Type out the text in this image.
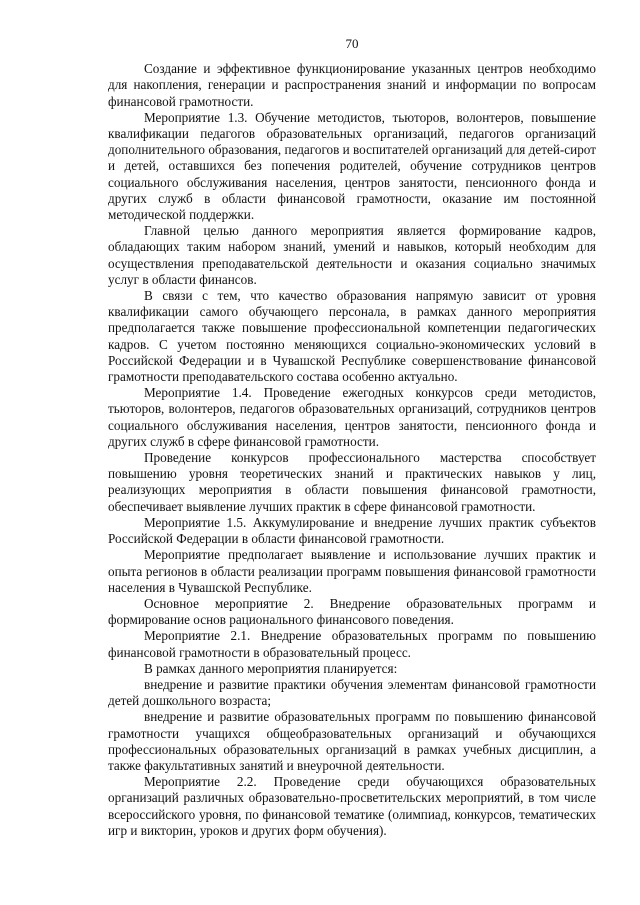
70

Создание и эффективное функционирование указанных центров необходимо для накопления, генерации и распространения знаний и информации по вопросам финансовой грамотности.

Мероприятие 1.3. Обучение методистов, тьюторов, волонтеров, повышение квалификации педагогов образовательных организаций, педагогов организаций дополнительного образования, педагогов и воспитателей организаций для детей-сирот и детей, оставшихся без попечения родителей, обучение сотрудников центров социального обслуживания населения, центров занятости, пенсионного фонда и других служб в области финансовой грамотности, оказание им постоянной методической поддержки.

Главной целью данного мероприятия является формирование кадров, обладающих таким набором знаний, умений и навыков, который необходим для осуществления преподавательской деятельности и оказания социально значимых услуг в области финансов.

В связи с тем, что качество образования напрямую зависит от уровня квалификации самого обучающего персонала, в рамках данного мероприятия предполагается также повышение профессиональной компетенции педагогических кадров. С учетом постоянно меняющихся социально-экономических условий в Российской Федерации и в Чувашской Республике совершенствование финансовой грамотности преподавательского состава особенно актуально.

Мероприятие 1.4. Проведение ежегодных конкурсов среди методистов, тьюторов, волонтеров, педагогов образовательных организаций, сотрудников центров социального обслуживания населения, центров занятости, пенсионного фонда и других служб в сфере финансовой грамотности.

Проведение конкурсов профессионального мастерства способствует повышению уровня теоретических знаний и практических навыков у лиц, реализующих мероприятия в области повышения финансовой грамотности, обеспечивает выявление лучших практик в сфере финансовой грамотности.

Мероприятие 1.5. Аккумулирование и внедрение лучших практик субъектов Российской Федерации в области финансовой грамотности.

Мероприятие предполагает выявление и использование лучших практик и опыта регионов в области реализации программ повышения финансовой грамотности населения в Чувашской Республике.

Основное мероприятие 2. Внедрение образовательных программ и формирование основ рационального финансового поведения.

Мероприятие 2.1. Внедрение образовательных программ по повышению финансовой грамотности в образовательный процесс.

В рамках данного мероприятия планируется:

внедрение и развитие практики обучения элементам финансовой грамотности детей дошкольного возраста;

внедрение и развитие образовательных программ по повышению финансовой грамотности учащихся общеобразовательных организаций и обучающихся профессиональных образовательных организаций в рамках учебных дисциплин, а также факультативных занятий и внеурочной деятельности.

Мероприятие 2.2. Проведение среди обучающихся образовательных организаций различных образовательно-просветительских мероприятий, в том числе всероссийского уровня, по финансовой тематике (олимпиад, конкурсов, тематических игр и викторин, уроков и других форм обучения).
